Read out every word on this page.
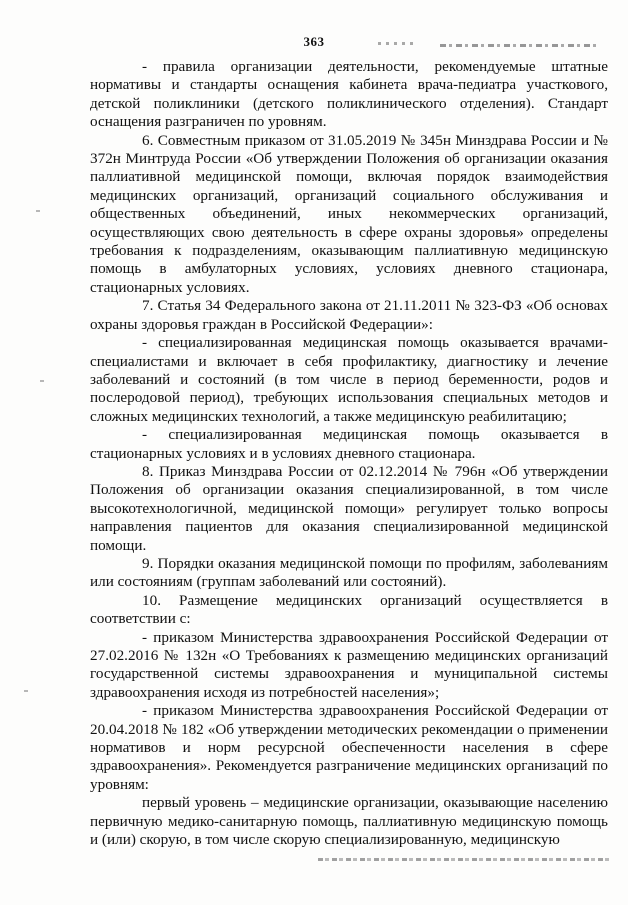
363

- правила организации деятельности, рекомендуемые штатные нормативы и стандарты оснащения кабинета врача-педиатра участкового, детской поликлиники (детского поликлинического отделения). Стандарт оснащения разграничен по уровням.

6. Совместным приказом от 31.05.2019 № 345н Минздрава России и № 372н Минтруда России «Об утверждении Положения об организации оказания паллиативной медицинской помощи, включая порядок взаимодействия медицинских организаций, организаций социального обслуживания и общественных объединений, иных некоммерческих организаций, осуществляющих свою деятельность в сфере охраны здоровья» определены требования к подразделениям, оказывающим паллиативную медицинскую помощь в амбулаторных условиях, условиях дневного стационара, стационарных условиях.

7. Статья 34 Федерального закона от 21.11.2011 № 323-ФЗ «Об основах охраны здоровья граждан в Российской Федерации»:

- специализированная медицинская помощь оказывается врачами-специалистами и включает в себя профилактику, диагностику и лечение заболеваний и состояний (в том числе в период беременности, родов и послеродовой период), требующих использования специальных методов и сложных медицинских технологий, а также медицинскую реабилитацию;

- специализированная медицинская помощь оказывается в стационарных условиях и в условиях дневного стационара.

8. Приказ Минздрава России от 02.12.2014 № 796н «Об утверждении Положения об организации оказания специализированной, в том числе высокотехнологичной, медицинской помощи» регулирует только вопросы направления пациентов для оказания специализированной медицинской помощи.

9. Порядки оказания медицинской помощи по профилям, заболеваниям или состояниям (группам заболеваний или состояний).

10. Размещение медицинских организаций осуществляется в соответствии с:

- приказом Министерства здравоохранения Российской Федерации от 27.02.2016 № 132н «О Требованиях к размещению медицинских организаций государственной системы здравоохранения и муниципальной системы здравоохранения исходя из потребностей населения»;

- приказом Министерства здравоохранения Российской Федерации от 20.04.2018 № 182 «Об утверждении методических рекомендации о применении нормативов и норм ресурсной обеспеченности населения в сфере здравоохранения». Рекомендуется разграничение медицинских организаций по уровням:

первый уровень – медицинские организации, оказывающие населению первичную медико-санитарную помощь, паллиативную медицинскую помощь и (или) скорую, в том числе скорую специализированную, медицинскую
